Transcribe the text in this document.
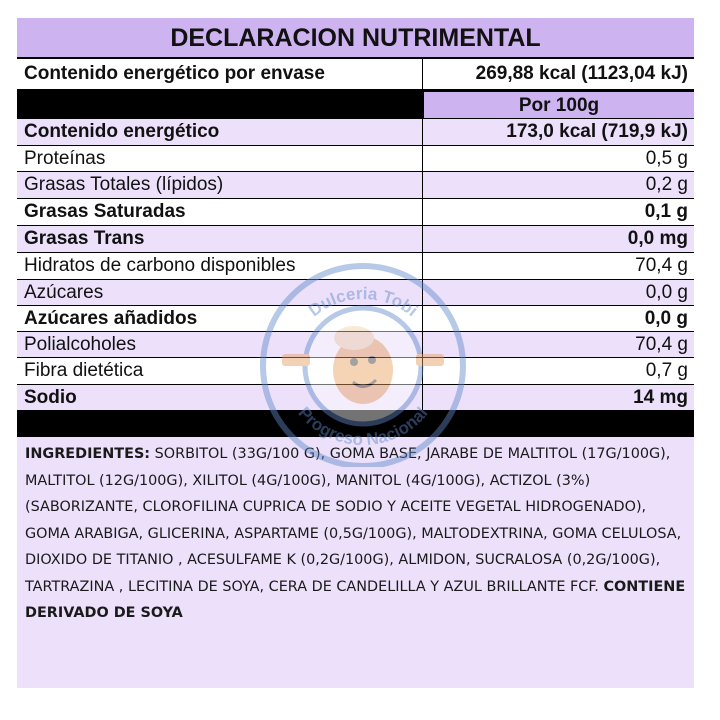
DECLARACION NUTRIMENTAL
Contenido energético por envase	269,88 kcal (1123,04 kJ)
Por 100g
Contenido energético	173,0 kcal (719,9 kJ)
Proteínas	0,5 g
Grasas Totales (lípidos)	0,2 g
Grasas Saturadas	0,1 g
Grasas Trans	0,0 mg
Hidratos de carbono disponibles	70,4 g
Azúcares	0,0 g
Azúcares añadidos	0,0 g
Polialcoholes	70,4 g
Fibra dietética	0,7 g
Sodio	14 mg
INGREDIENTES: SORBITOL (33G/100 G), GOMA BASE, JARABE DE MALTITOL (17G/100G), MALTITOL (12G/100G), XILITOL (4G/100G), MANITOL (4G/100G), ACTIZOL (3%) (SABORIZANTE, CLOROFILINA CUPRICA DE SODIO Y ACEITE VEGETAL HIDROGENADO), GOMA ARABIGA, GLICERINA, ASPARTAME (0,5G/100G), MALTODEXTRINA, GOMA CELULOSA, DIOXIDO DE TITANIO , ACESULFAME K (0,2G/100G), ALMIDON, SUCRALOSA (0,2G/100G), TARTRAZINA , LECITINA DE SOYA, CERA DE CANDELILLA Y AZUL BRILLANTE FCF. CONTIENE DERIVADO DE SOYA
Dulceria Tobi
Progreso Nacional
